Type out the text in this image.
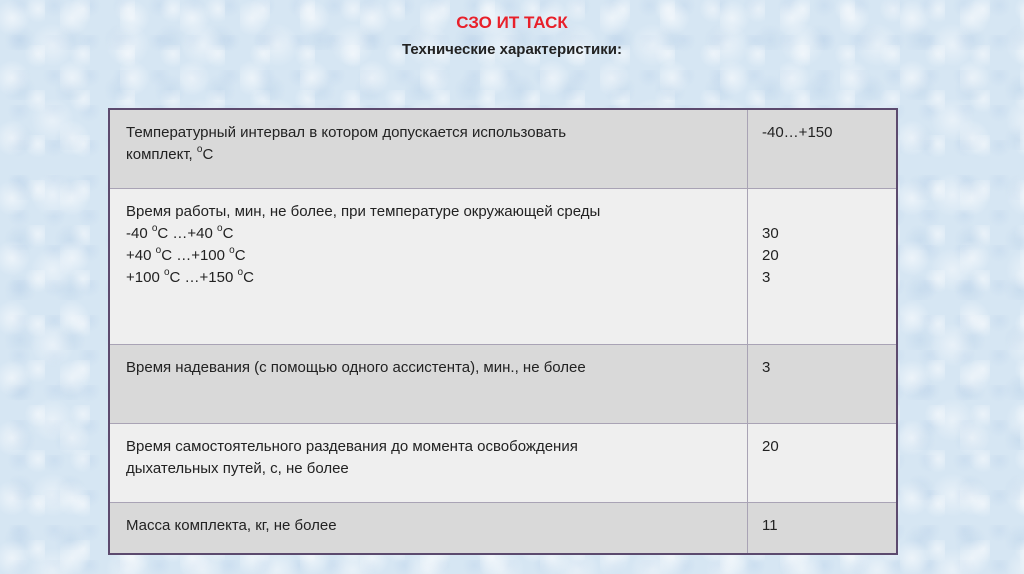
СЗО ИТ ТАСК
Технические характеристики:
Температурный интервал в котором допускается использовать
комплект, $^о$С
-40…+150
Время работы, мин, не более, при температуре окружающей среды
-40 $^о$С …+40 $^о$С
+40 $^о$С …+100 $^о$С
+100 $^о$С …+150 $^о$С
30
20
3
Время надевания (с помощью одного ассистента), мин., не более	3
Время самостоятельного раздевания до момента освобождения
дыхательных путей, с, не более
20
Масса комплекта, кг, не более	11
